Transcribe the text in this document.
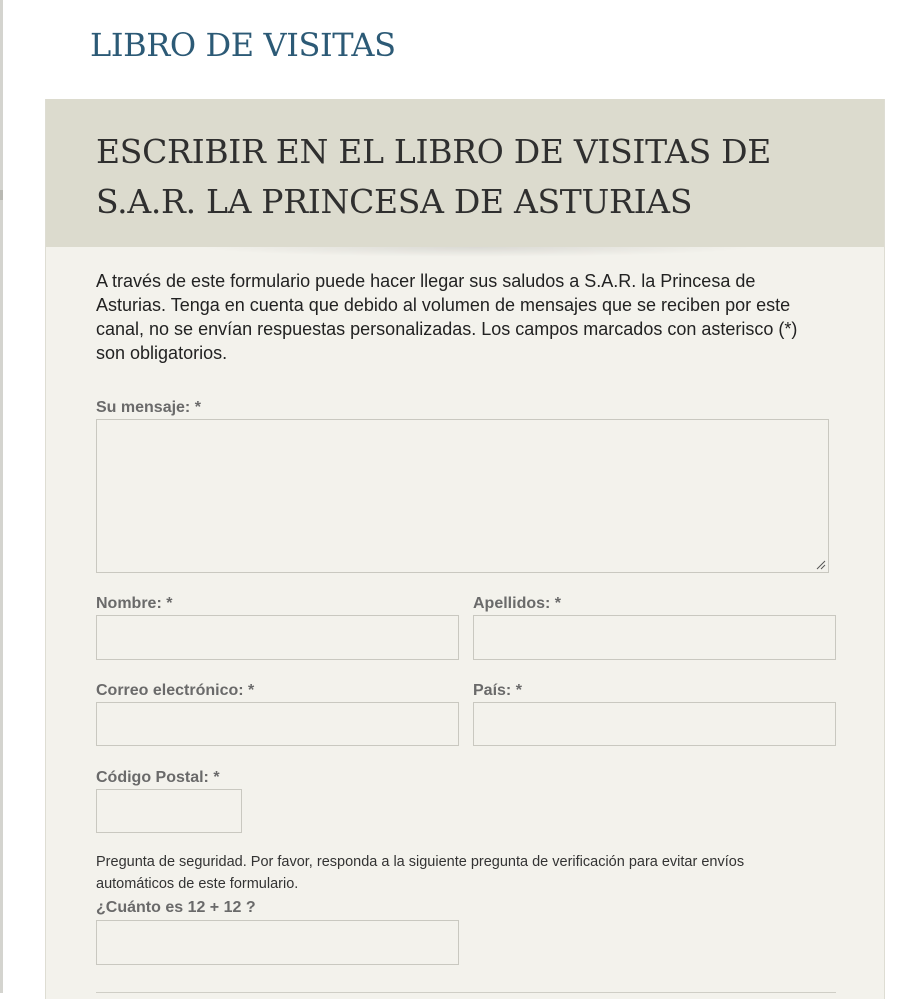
LIBRO DE VISITAS
ESCRIBIR EN EL LIBRO DE VISITAS DE
S.A.R. LA PRINCESA DE ASTURIAS

A través de este formulario puede hacer llegar sus saludos a S.A.R. la Princesa de Asturias. Tenga en cuenta que debido al volumen de mensajes que se reciben por este canal, no se envían respuestas personalizadas. Los campos marcados con asterisco (*) son obligatorios.

Su mensaje: *
Nombre: *	Apellidos: *
Correo electrónico: *	País: *
Código Postal: *

Pregunta de seguridad. Por favor, responda a la siguiente pregunta de verificación para evitar envíos automáticos de este formulario.

¿Cuánto es 12 + 12 ?
